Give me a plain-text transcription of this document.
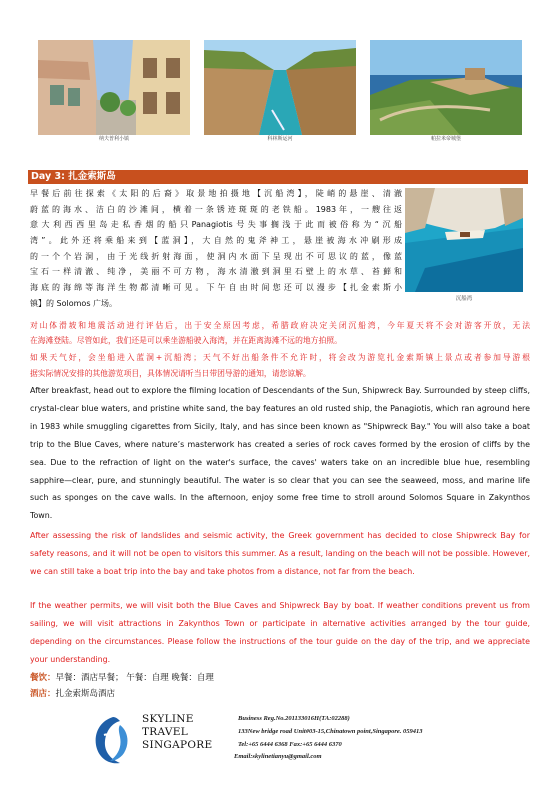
纳夫普利小镇	科林斯运河	帕拉米帝城堡
Day 3: 扎金索斯岛

早餐后前往探索《太阳的后裔》取景地拍摄地【沉船湾】，陡峭的悬崖、清澈

蔚蓝的海水、洁白的沙滩间，横着一条锈迹斑斑的老铁船。1983年，一艘往返

意大利西西里岛走私香烟的船只Panagiotis号失事搁浅于此而被俗称为“沉船

湾”。此外还将乘船来到【蓝洞】，大自然的鬼斧神工，悬崖被海水冲刷形成

的一个个岩洞，由于光线折射海面，使洞内水面下呈现出不可思议的蓝，像蓝

宝石一样清澈、纯净，美丽不可方物，海水清澈到洞里石壁上的水草、苔藓和

海底的海绵等海洋生物都清晰可见。下午自由时间您还可以漫步【扎金索斯小

镇】的 Solomos 广场。	沉船湾

对山体滑坡和地震活动进行评估后，出于安全原因考虑，希腊政府决定关闭沉船湾，今年夏天将不会对游客开放，无法

在海滩登陆。尽管如此，我们还是可以乘坐游船驶入海湾，并在距离海滩不远的地方拍照。

如果天气好，会坐船进入蓝洞+沉船湾；天气不好出船条件不允许时，将会改为游览扎金索斯镇上景点或者参加导游根

据实际情况安排的其他游览项目，具体情况请听当日带团导游的通知，请您谅解。

After breakfast, head out to explore the filming location of Descendants of the Sun, Shipwreck Bay. Surrounded by steep cliffs, crystal-clear blue waters, and pristine white sand, the bay features an old rusted ship, the Panagiotis, which ran aground here in 1983 while smuggling cigarettes from Sicily, Italy, and has since been known as "Shipwreck Bay." You will also take a boat trip to the Blue Caves, where nature’s masterwork has created a series of rock caves formed by the erosion of cliffs by the sea. Due to the refraction of light on the water's surface, the caves' waters take on an incredible blue hue, resembling sapphire—clear, pure, and stunningly beautiful. The water is so clear that you can see the seaweed, moss, and marine life such as sponges on the cave walls. In the afternoon, enjoy some free time to stroll around Solomos Square in Zakynthos Town.

After assessing the risk of landslides and seismic activity, the Greek government has decided to close Shipwreck Bay for safety reasons, and it will not be open to visitors this summer. As a result, landing on the beach will not be possible. However, we can still take a boat trip into the bay and take photos from a distance, not far from the beach.

If the weather permits, we will visit both the Blue Caves and Shipwreck Bay by boat. If weather conditions prevent us from sailing, we will visit attractions in Zakynthos Town or participate in alternative activities arranged by the tour guide, depending on the circumstances. Please follow the instructions of the tour guide on the day of the trip, and we appreciate your understanding.

餐饮：早餐：酒店早餐； 午餐：自理 晚餐：自理
酒店：扎金索斯岛酒店
SKYLINE
TRAVEL
SINGAPORE
Business Reg.No.201133016H(TA:02288)
133New bridge road Unit#03-15,Chinatown point,Singapore. 059413
Tel:+65 6444 6368 Fax:+65 6444 6370
Email:skylinetianyu@gmail.com
